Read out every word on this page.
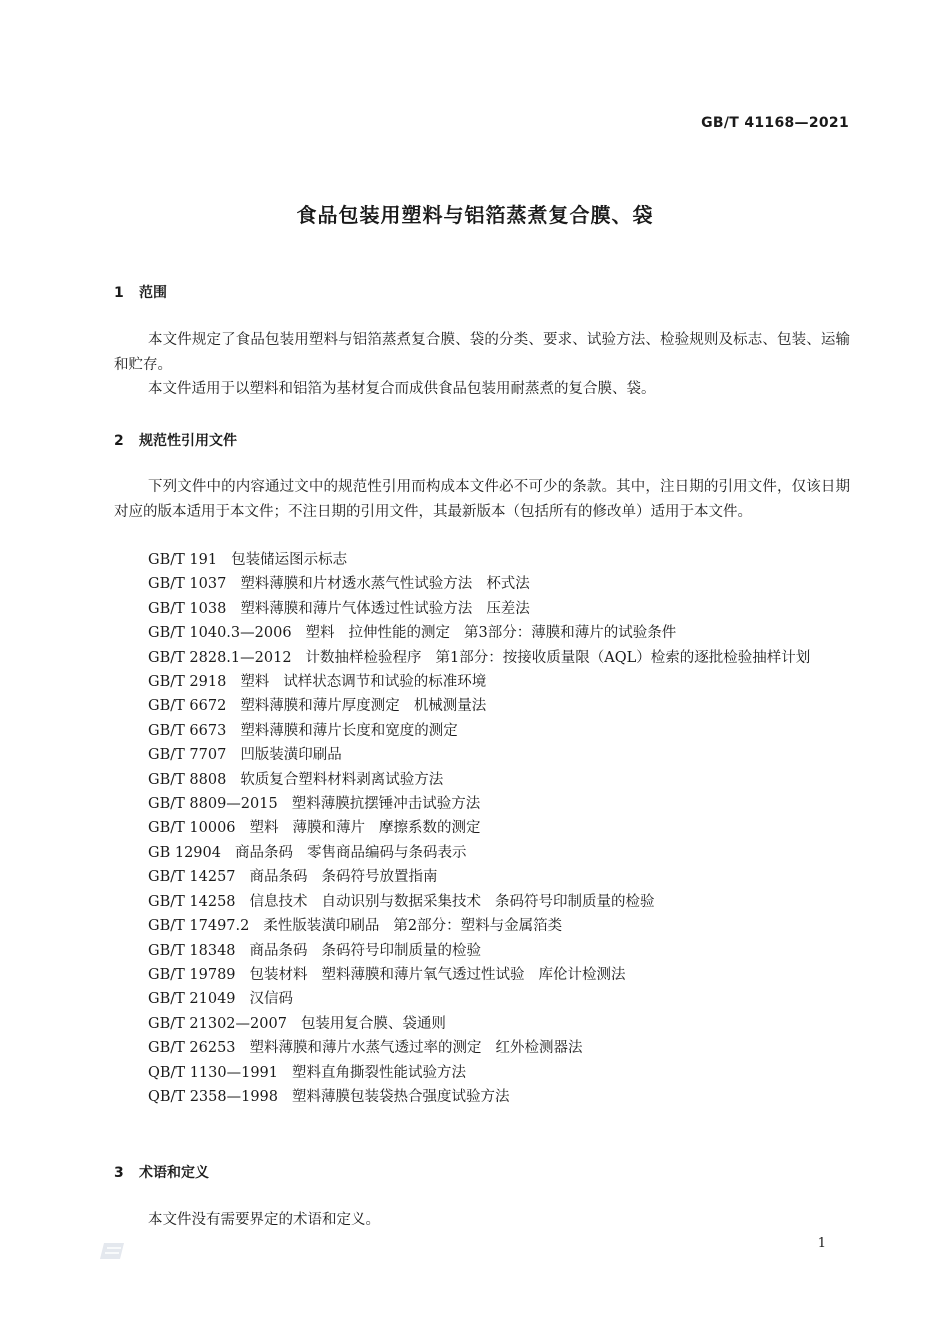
GB/T 41168—2021
食品包装用塑料与铝箔蒸煮复合膜、袋
1 范围
本文件规定了食品包装用塑料与铝箔蒸煮复合膜、袋的分类、要求、试验方法、检验规则及标志、包装、运输和贮存。
本文件适用于以塑料和铝箔为基材复合而成供食品包装用耐蒸煮的复合膜、袋。
2 规范性引用文件
下列文件中的内容通过文中的规范性引用而构成本文件必不可少的条款。其中，注日期的引用文件，仅该日期对应的版本适用于本文件；不注日期的引用文件，其最新版本（包括所有的修改单）适用于本文件。
GB/T 191 包装储运图示标志
GB/T 1037 塑料薄膜和片材透水蒸气性试验方法 杯式法
GB/T 1038 塑料薄膜和薄片气体透过性试验方法 压差法
GB/T 1040.3—2006 塑料 拉伸性能的测定 第3部分：薄膜和薄片的试验条件
GB/T 2828.1—2012 计数抽样检验程序 第1部分：按接收质量限（AQL）检索的逐批检验抽样计划
GB/T 2918 塑料 试样状态调节和试验的标准环境
GB/T 6672 塑料薄膜和薄片厚度测定 机械测量法
GB/T 6673 塑料薄膜和薄片长度和宽度的测定
GB/T 7707 凹版装潢印刷品
GB/T 8808 软质复合塑料材料剥离试验方法
GB/T 8809—2015 塑料薄膜抗摆锤冲击试验方法
GB/T 10006 塑料 薄膜和薄片 摩擦系数的测定
GB 12904 商品条码 零售商品编码与条码表示
GB/T 14257 商品条码 条码符号放置指南
GB/T 14258 信息技术 自动识别与数据采集技术 条码符号印制质量的检验
GB/T 17497.2 柔性版装潢印刷品 第2部分：塑料与金属箔类
GB/T 18348 商品条码 条码符号印制质量的检验
GB/T 19789 包装材料 塑料薄膜和薄片氧气透过性试验 库伦计检测法
GB/T 21049 汉信码
GB/T 21302—2007 包装用复合膜、袋通则
GB/T 26253 塑料薄膜和薄片水蒸气透过率的测定 红外检测器法
QB/T 1130—1991 塑料直角撕裂性能试验方法
QB/T 2358—1998 塑料薄膜包装袋热合强度试验方法
3 术语和定义
本文件没有需要界定的术语和定义。
1
